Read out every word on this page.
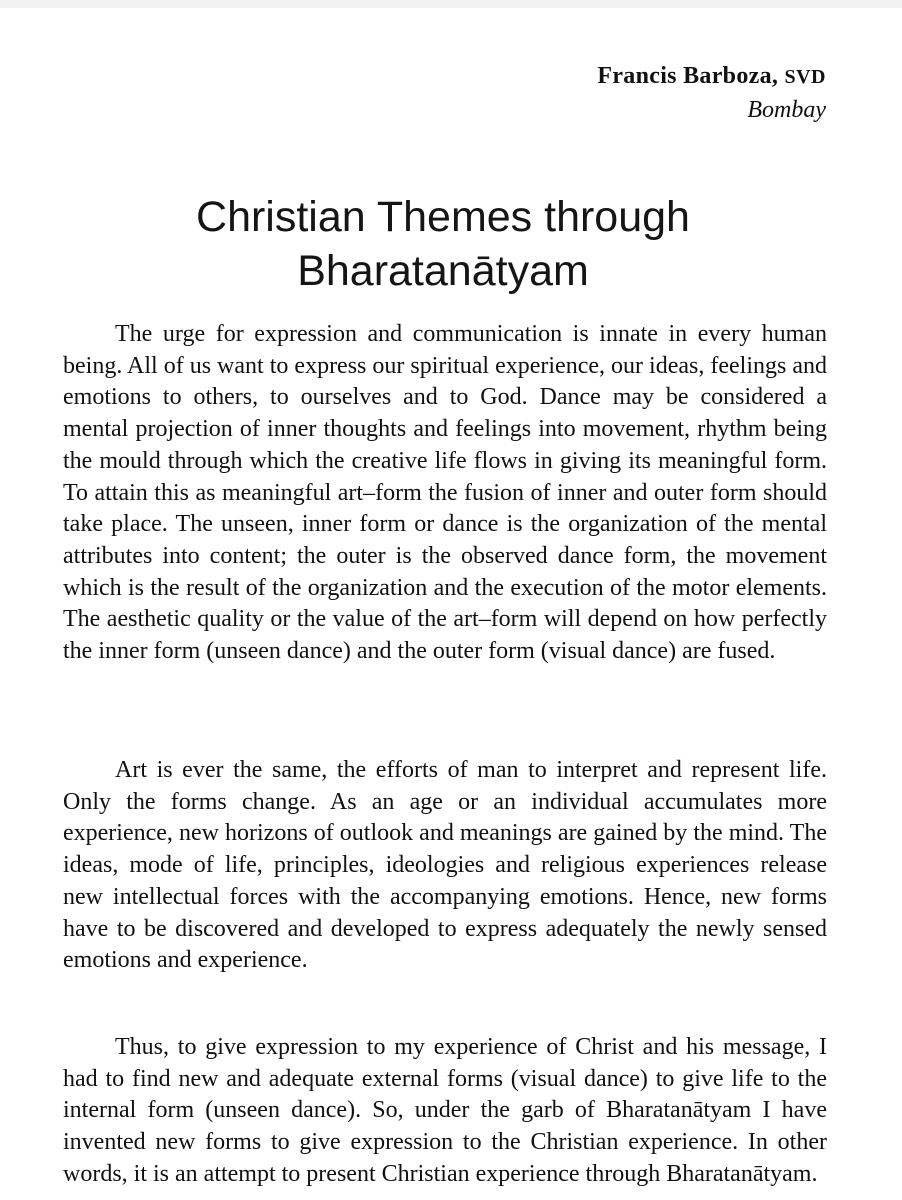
Francis Barboza, SVD
Bombay
Christian Themes through
Bharatanātyam

The urge for expression and communication is innate in every human being. All of us want to express our spiritual experience, our ideas, feelings and emotions to others, to ourselves and to God. Dance may be considered a mental projection of inner thoughts and feelings into movement, rhythm being the mould through which the creative life flows in giving its meaningful form. To attain this as meaningful art–form the fusion of inner and outer form should take place. The unseen, inner form or dance is the organization of the mental attributes into content; the outer is the observed dance form, the movement which is the result of the organization and the execution of the motor elements. The aesthetic quality or the value of the art–form will depend on how perfectly the inner form (unseen dance) and the outer form (visual dance) are fused.

Art is ever the same, the efforts of man to interpret and represent life. Only the forms change. As an age or an individual accumulates more experience, new horizons of outlook and meanings are gained by the mind. The ideas, mode of life, principles, ideologies and religious experiences release new intellectual forces with the accompanying emotions. Hence, new forms have to be discovered and developed to express adequately the newly sensed emotions and experience.

Thus, to give expression to my experience of Christ and his message, I had to find new and adequate external forms (visual dance) to give life to the internal form (unseen dance). So, under the garb of Bharatanātyam I have invented new forms to give expression to the Christian experience. In other words, it is an attempt to present Christian experience through Bharatanātyam.
